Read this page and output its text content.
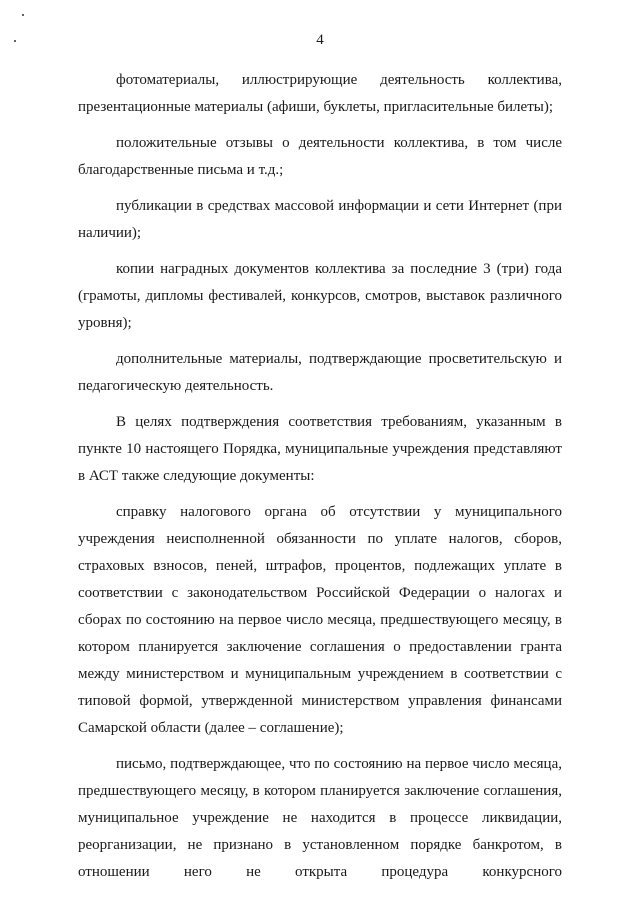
4

фотоматериалы, иллюстрирующие деятельность коллектива, презентационные материалы (афиши, буклеты, пригласительные билеты);

положительные отзывы о деятельности коллектива, в том числе благодарственные письма и т.д.;

публикации в средствах массовой информации и сети Интернет (при наличии);

копии наградных документов коллектива за последние 3 (три) года (грамоты, дипломы фестивалей, конкурсов, смотров, выставок различного уровня);

дополнительные материалы, подтверждающие просветительскую и педагогическую деятельность.

В целях подтверждения соответствия требованиям, указанным в пункте 10 настоящего Порядка, муниципальные учреждения представляют в АСТ также следующие документы:

справку налогового органа об отсутствии у муниципального учреждения неисполненной обязанности по уплате налогов, сборов, страховых взносов, пеней, штрафов, процентов, подлежащих уплате в соответствии с законодательством Российской Федерации о налогах и сборах по состоянию на первое число месяца, предшествующего месяцу, в котором планируется заключение соглашения о предоставлении гранта между министерством и муниципальным учреждением в соответствии с типовой формой, утвержденной министерством управления финансами Самарской области (далее – соглашение);

письмо, подтверждающее, что по состоянию на первое число месяца, предшествующего месяцу, в котором планируется заключение соглашения, муниципальное учреждение не находится в процессе ликвидации, реорганизации, не признано в установленном порядке банкротом, в отношении него не открыта процедура конкурсного
